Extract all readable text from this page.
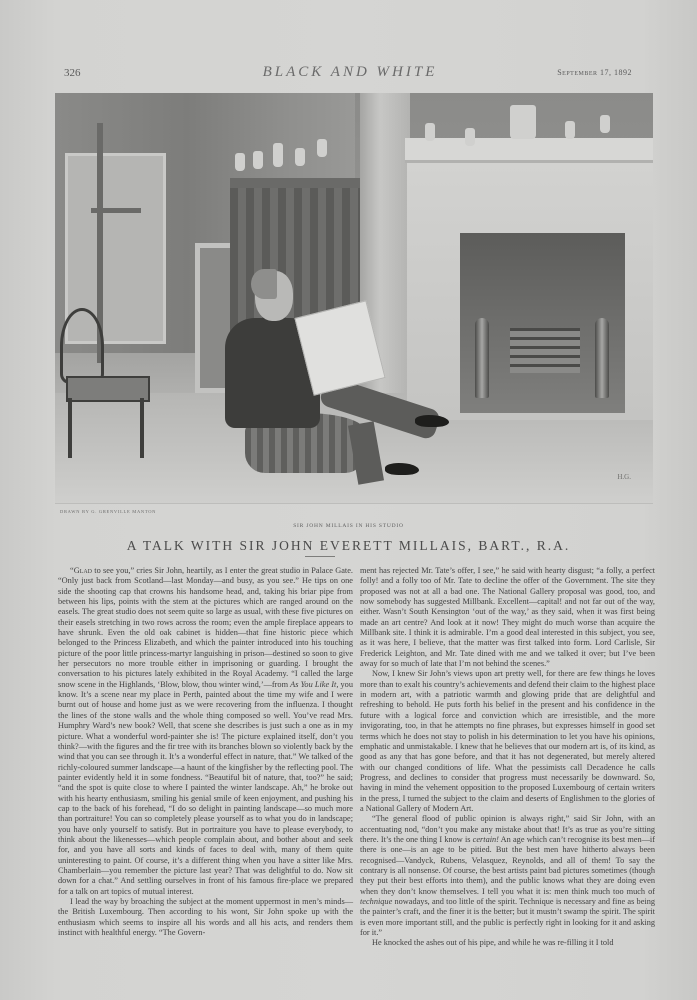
326	BLACK AND WHITE	September 17, 1892
H.G.
DRAWN BY G. GRENVILLE MANTON
SIR JOHN MILLAIS IN HIS STUDIO
A TALK WITH SIR JOHN EVERETT MILLAIS, BART., R.A.

“Glad to see you,” cries Sir John, heartily, as I enter the great studio in Palace Gate. “Only just back from Scotland—last Monday—and busy, as you see.” He tips on one side the shooting cap that crowns his handsome head, and, taking his briar pipe from between his lips, points with the stem at the pictures which are ranged around on the easels. The great studio does not seem quite so large as usual, with these five pictures on their easels stretching in two rows across the room; even the ample fireplace appears to have shrunk. Even the old oak cabinet is hidden—that fine historic piece which belonged to the Princess Elizabeth, and which the painter introduced into his touching picture of the poor little princess-martyr languishing in prison—destined so soon to give her persecutors no more trouble either in imprisoning or guarding. I brought the conversation to his pictures lately exhibited in the Royal Academy. “I called the large snow scene in the Highlands, ‘Blow, blow, thou winter wind,’—from As You Like It, you know. It’s a scene near my place in Perth, painted about the time my wife and I were burnt out of house and home just as we were recovering from the influenza. I thought the lines of the stone walls and the whole thing composed so well. You’ve read Mrs. Humphry Ward’s new book? Well, that scene she describes is just such a one as in my picture. What a wonderful word-painter she is! The picture explained itself, don’t you think?—with the figures and the fir tree with its branches blown so violently back by the wind that you can see through it. It’s a wonderful effect in nature, that.” We talked of the richly-coloured summer landscape—a haunt of the kingfisher by the reflecting pool. The painter evidently held it in some fondness. “Beautiful bit of nature, that, too?” he said; “and the spot is quite close to where I painted the winter landscape. Ah,” he broke out with his hearty enthusiasm, smiling his genial smile of keen enjoyment, and pushing his cap to the back of his forehead, “I do so delight in painting landscape—so much more than portraiture! You can so completely please yourself as to what you do in landscape; you have only yourself to satisfy. But in portraiture you have to please everybody, to think about the likenesses—which people complain about, and bother about and seek for, and you have all sorts and kinds of faces to deal with, many of them quite uninteresting to paint. Of course, it’s a different thing when you have a sitter like Mrs. Chamberlain—you remember the picture last year? That was delightful to do. Now sit down for a chat.” And settling ourselves in front of his famous fire-place we prepared for a talk on art topics of mutual interest.

I lead the way by broaching the subject at the moment uppermost in men’s minds—the British Luxembourg. Then according to his wont, Sir John spoke up with the enthusiasm which seems to inspire all his words and all his acts, and renders them instinct with healthful energy. “The Govern-

ment has rejected Mr. Tate’s offer, I see,” he said with hearty disgust; “a folly, a perfect folly! and a folly too of Mr. Tate to decline the offer of the Government. The site they proposed was not at all a bad one. The National Gallery proposal was good, too, and now somebody has suggested Millbank. Excellent—capital! and not far out of the way, either. Wasn’t South Kensington ‘out of the way,’ as they said, when it was first being made an art centre? And look at it now! They might do much worse than acquire the Millbank site. I think it is admirable. I’m a good deal interested in this subject, you see, as it was here, I believe, that the matter was first talked into form. Lord Carlisle, Sir Frederick Leighton, and Mr. Tate dined with me and we talked it over; but I’ve been away for so much of late that I’m not behind the scenes.”

Now, I knew Sir John’s views upon art pretty well, for there are few things he loves more than to exalt his country’s achievements and defend their claim to the highest place in modern art, with a patriotic warmth and glowing pride that are delightful and refreshing to behold. He puts forth his belief in the present and his confidence in the future with a logical force and conviction which are irresistible, and the more invigorating, too, in that he attempts no fine phrases, but expresses himself in good set terms which he does not stay to polish in his determination to let you have his opinions, emphatic and unmistakable. I knew that he believes that our modern art is, of its kind, as good as any that has gone before, and that it has not degenerated, but merely altered with our changed conditions of life. What the pessimists call Decadence he calls Progress, and declines to consider that progress must necessarily be downward. So, having in mind the vehement opposition to the proposed Luxembourg of certain writers in the press, I turned the subject to the claim and deserts of Englishmen to the glories of a National Gallery of Modern Art.

“The general flood of public opinion is always right,” said Sir John, with an accentuating nod, “don’t you make any mistake about that! It’s as true as you’re sitting there. It’s the one thing I know is certain! An age which can’t recognise its best men—if there is one—is an age to be pitied. But the best men have hitherto always been recognised—Vandyck, Rubens, Velasquez, Reynolds, and all of them! To say the contrary is all nonsense. Of course, the best artists paint bad pictures sometimes (though they put their best efforts into them), and the public knows what they are doing even when they don’t know themselves. I tell you what it is: men think much too much of technique nowadays, and too little of the spirit. Technique is necessary and fine as being the painter’s craft, and the finer it is the better; but it mustn’t swamp the spirit. The spirit is even more important still, and the public is perfectly right in looking for it and asking for it.”

He knocked the ashes out of his pipe, and while he was re-filling it I told
